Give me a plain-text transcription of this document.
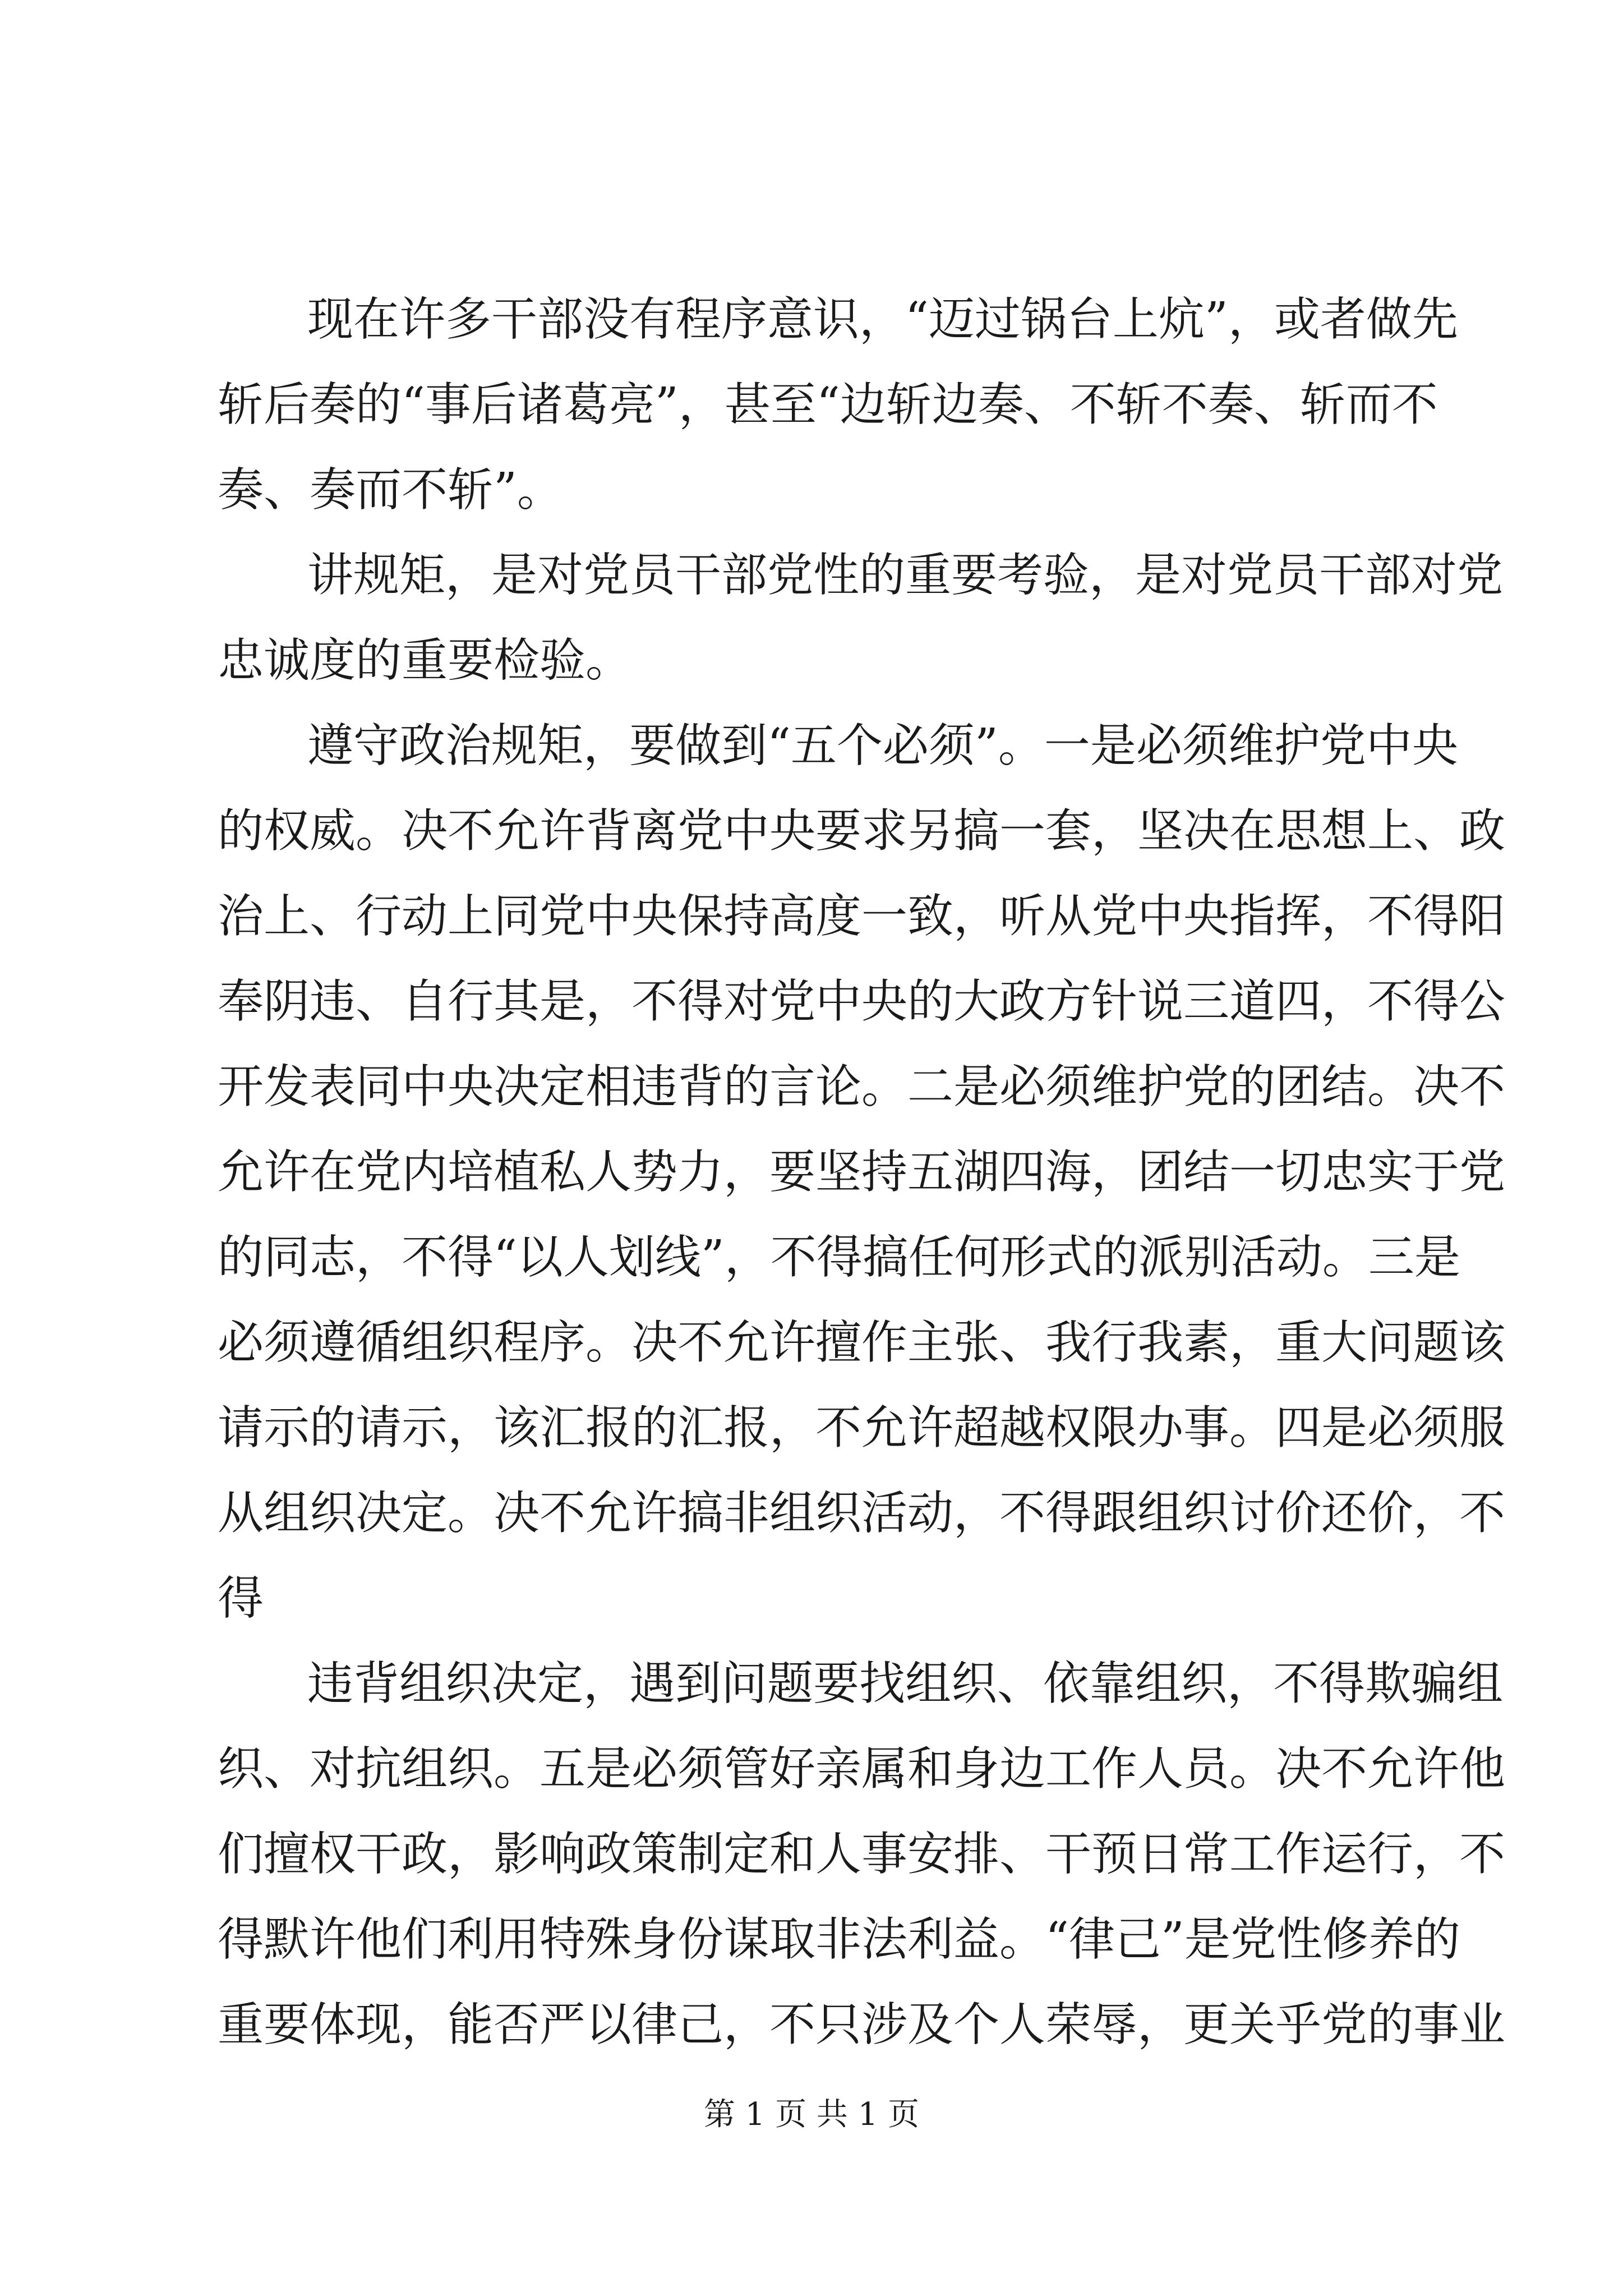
现在许多干部没有程序意识，“迈过锅台上炕”，或者做先
斩后奏的“事后诸葛亮”，甚至“边斩边奏、不斩不奏、斩而不
奏、奏而不斩”。
讲规矩，是对党员干部党性的重要考验，是对党员干部对党
忠诚度的重要检验。
遵守政治规矩，要做到“五个必须”。一是必须维护党中央
的权威。决不允许背离党中央要求另搞一套，坚决在思想上、政
治上、行动上同党中央保持高度一致，听从党中央指挥，不得阳
奉阴违、自行其是，不得对党中央的大政方针说三道四，不得公
开发表同中央决定相违背的言论。二是必须维护党的团结。决不
允许在党内培植私人势力，要坚持五湖四海，团结一切忠实于党
的同志，不得“以人划线”，不得搞任何形式的派别活动。三是
必须遵循组织程序。决不允许擅作主张、我行我素，重大问题该
请示的请示，该汇报的汇报，不允许超越权限办事。四是必须服
从组织决定。决不允许搞非组织活动，不得跟组织讨价还价，不
得
违背组织决定，遇到问题要找组织、依靠组织，不得欺骗组
织、对抗组织。五是必须管好亲属和身边工作人员。决不允许他
们擅权干政，影响政策制定和人事安排、干预日常工作运行，不
得默许他们利用特殊身份谋取非法利益。“律己”是党性修养的
重要体现，能否严以律己，不只涉及个人荣辱，更关乎党的事业
第 1 页 共 1 页
